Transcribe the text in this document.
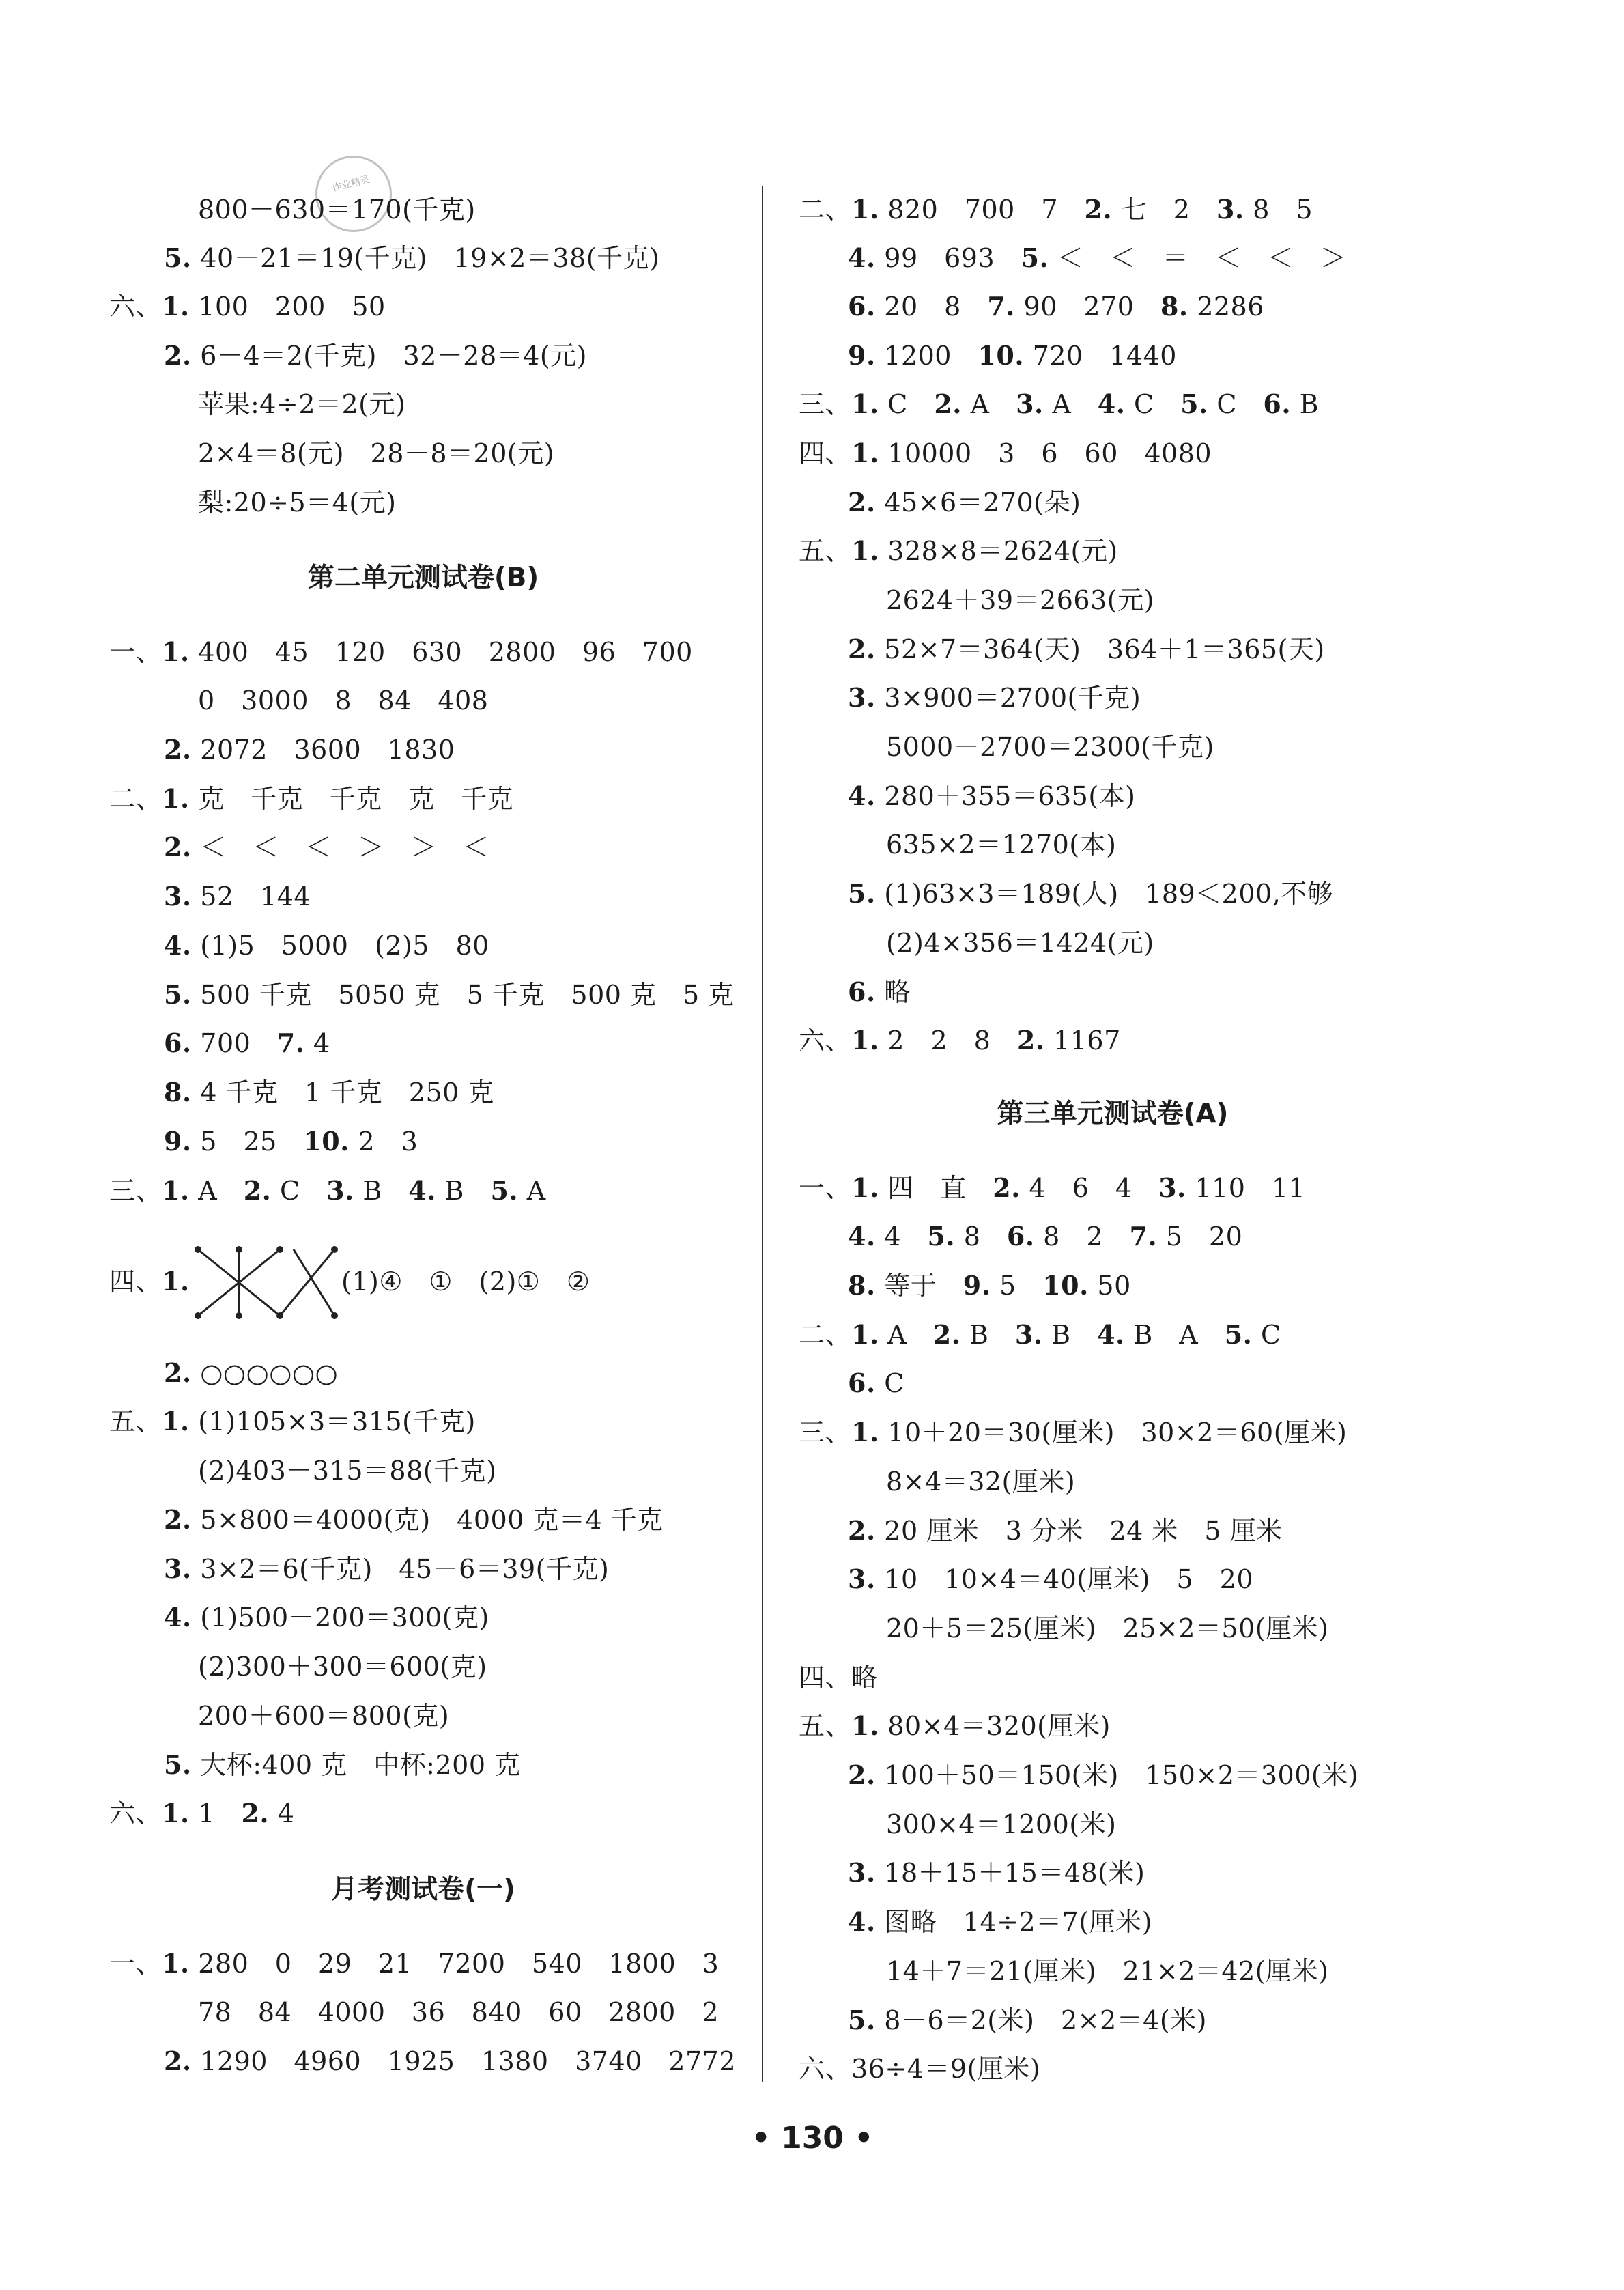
作业精灵
800－630＝170(千克)
5. 40－21＝19(千克)　19×2＝38(千克)
六、1. 100　200　50
2. 6－4＝2(千克)　32－28＝4(元)
苹果:4÷2＝2(元)
2×4＝8(元)　28－8＝20(元)
梨:20÷5＝4(元)
第二单元测试卷(B)
一、1. 400　45　120　630　2800　96　700
0　3000　8　84　408
2. 2072　3600　1830
二、1. 克　千克　千克　克　千克
2. ＜　＜　＜　＞　＞　＜
3. 52　144
4. (1)5　5000　(2)5　80
5. 500 千克　5050 克　5 千克　500 克　5 克
6. 700　7. 4
8. 4 千克　1 千克　250 克
9. 5　25　10. 2　3
三、1. A　2. C　3. B　4. B　5. A
四、1.	(1)④　①　(2)①　②
2. ○○○○○○
五、1. (1)105×3＝315(千克)
(2)403－315＝88(千克)
2. 5×800＝4000(克)　4000 克＝4 千克
3. 3×2＝6(千克)　45－6＝39(千克)
4. (1)500－200＝300(克)
(2)300＋300＝600(克)
200＋600＝800(克)
5. 大杯:400 克　中杯:200 克
六、1. 1　2. 4
月考测试卷(一)
一、1. 280　0　29　21　7200　540　1800　3
78　84　4000　36　840　60　2800　2
2. 1290　4960　1925　1380　3740　2772
二、1. 820　700　7　2. 七　2　3. 8　5
4. 99　693　5. ＜　＜　＝　＜　＜　＞
6. 20　8　7. 90　270　8. 2286
9. 1200　10. 720　1440
三、1. C　2. A　3. A　4. C　5. C　6. B
四、1. 10000　3　6　60　4080
2. 45×6＝270(朵)
五、1. 328×8＝2624(元)
2624＋39＝2663(元)
2. 52×7＝364(天)　364＋1＝365(天)
3. 3×900＝2700(千克)
5000－2700＝2300(千克)
4. 280＋355＝635(本)
635×2＝1270(本)
5. (1)63×3＝189(人)　189＜200,不够
(2)4×356＝1424(元)
6. 略
六、1. 2　2　8　2. 1167
第三单元测试卷(A)
一、1. 四　直　2. 4　6　4　3. 110　11
4. 4　5. 8　6. 8　2　7. 5　20
8. 等于　9. 5　10. 50
二、1. A　2. B　3. B　4. B　A　5. C
6. C
三、1. 10＋20＝30(厘米)　30×2＝60(厘米)
8×4＝32(厘米)
2. 20 厘米　3 分米　24 米　5 厘米
3. 10　10×4＝40(厘米)　5　20
20＋5＝25(厘米)　25×2＝50(厘米)
四、略
五、1. 80×4＝320(厘米)
2. 100＋50＝150(米)　150×2＝300(米)
300×4＝1200(米)
3. 18＋15＋15＝48(米)
4. 图略　14÷2＝7(厘米)
14＋7＝21(厘米)　21×2＝42(厘米)
5. 8－6＝2(米)　2×2＝4(米)
六、36÷4＝9(厘米)
• 130 •
